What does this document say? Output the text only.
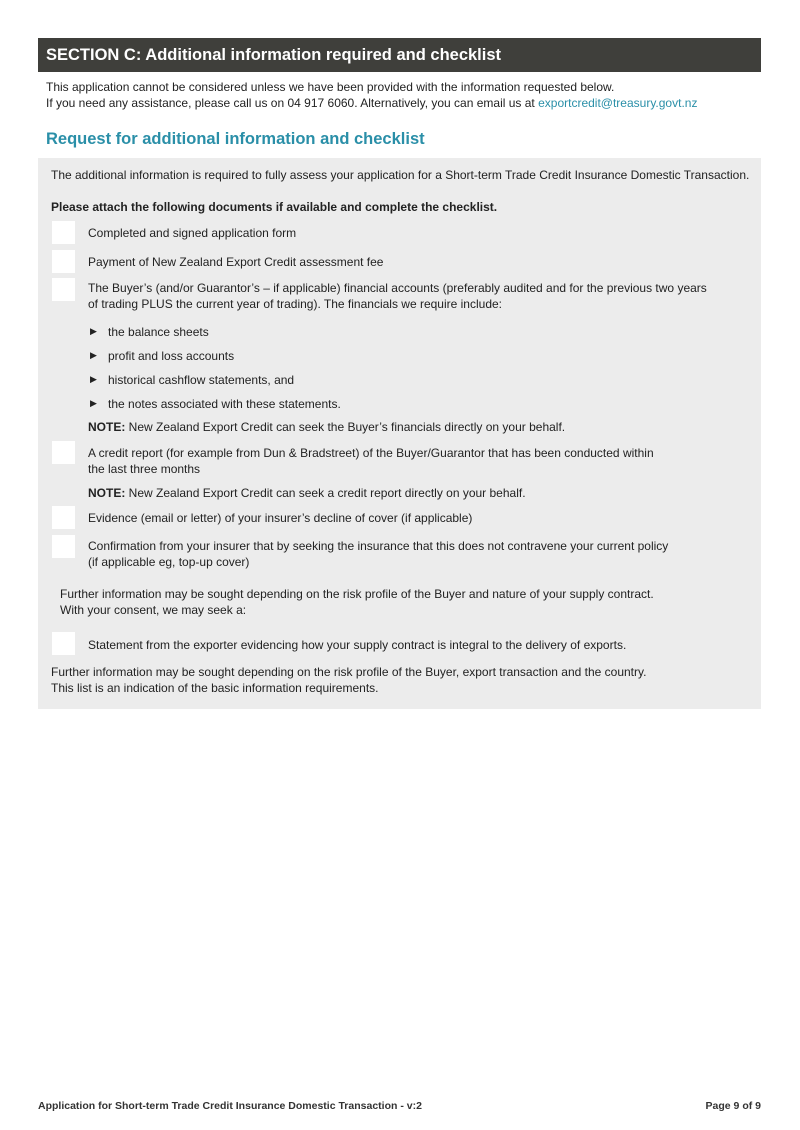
SECTION C: Additional information required and checklist
This application cannot be considered unless we have been provided with the information requested below.
If you need any assistance, please call us on 04 917 6060. Alternatively, you can email us at exportcredit@treasury.govt.nz
Request for additional information and checklist
The additional information is required to fully assess your application for a Short-term Trade Credit Insurance Domestic Transaction.
Please attach the following documents if available and complete the checklist.
Completed and signed application form
Payment of New Zealand Export Credit assessment fee
The Buyer’s (and/or Guarantor’s – if applicable) financial accounts (preferably audited and for the previous two years
of trading PLUS the current year of trading). The financials we require include:
▶ the balance sheets
▶ profit and loss accounts
▶ historical cashflow statements, and
▶ the notes associated with these statements.
NOTE: New Zealand Export Credit can seek the Buyer’s financials directly on your behalf.
A credit report (for example from Dun & Bradstreet) of the Buyer/Guarantor that has been conducted within
the last three months
NOTE: New Zealand Export Credit can seek a credit report directly on your behalf.
Evidence (email or letter) of your insurer’s decline of cover (if applicable)
Confirmation from your insurer that by seeking the insurance that this does not contravene your current policy
(if applicable eg, top-up cover)
Further information may be sought depending on the risk profile of the Buyer and nature of your supply contract.
With your consent, we may seek a:
Statement from the exporter evidencing how your supply contract is integral to the delivery of exports.
Further information may be sought depending on the risk profile of the Buyer, export transaction and the country.
This list is an indication of the basic information requirements.
Application for Short-term Trade Credit Insurance Domestic Transaction - v:2	Page 9 of 9
